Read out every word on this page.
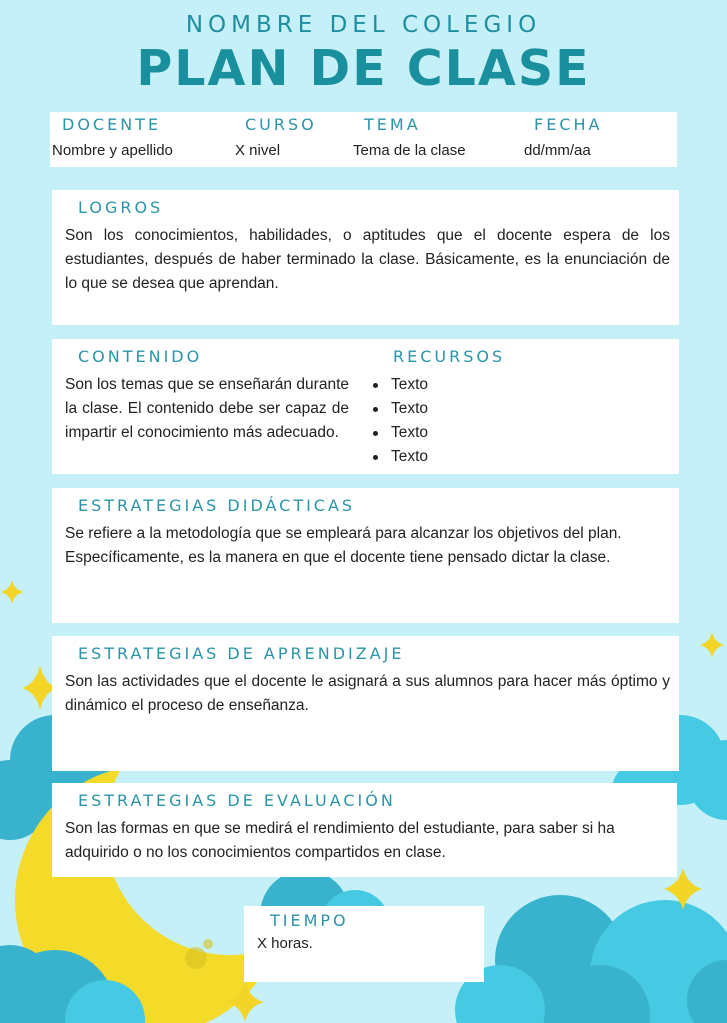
NOMBRE DEL COLEGIO
PLAN DE CLASE
DOCENTE
Nombre y apellido
CURSO
X nivel
TEMA
Tema de la clase
FECHA
dd/mm/aa
LOGROS
Son los conocimientos, habilidades, o aptitudes que el docente espera de los estudiantes, después de haber terminado la clase. Básicamente, es la enunciación de lo que se desea que aprendan.
CONTENIDO
Son los temas que se enseñarán durante la clase. El contenido debe ser capaz de impartir el conocimiento más adecuado.
RECURSOS
Texto
Texto
Texto
Texto
ESTRATEGIAS DIDÁCTICAS
Se refiere a la metodología que se empleará para alcanzar los objetivos del plan. Específicamente, es la manera en que el docente tiene pensado dictar la clase.
ESTRATEGIAS DE APRENDIZAJE
Son las actividades que el docente le asignará a sus alumnos para hacer más óptimo y dinámico el proceso de enseñanza.
ESTRATEGIAS DE EVALUACIÓN
Son las formas en que se medirá el rendimiento del estudiante, para saber si ha adquirido o no los conocimientos compartidos en clase.
TIEMPO
X horas.
